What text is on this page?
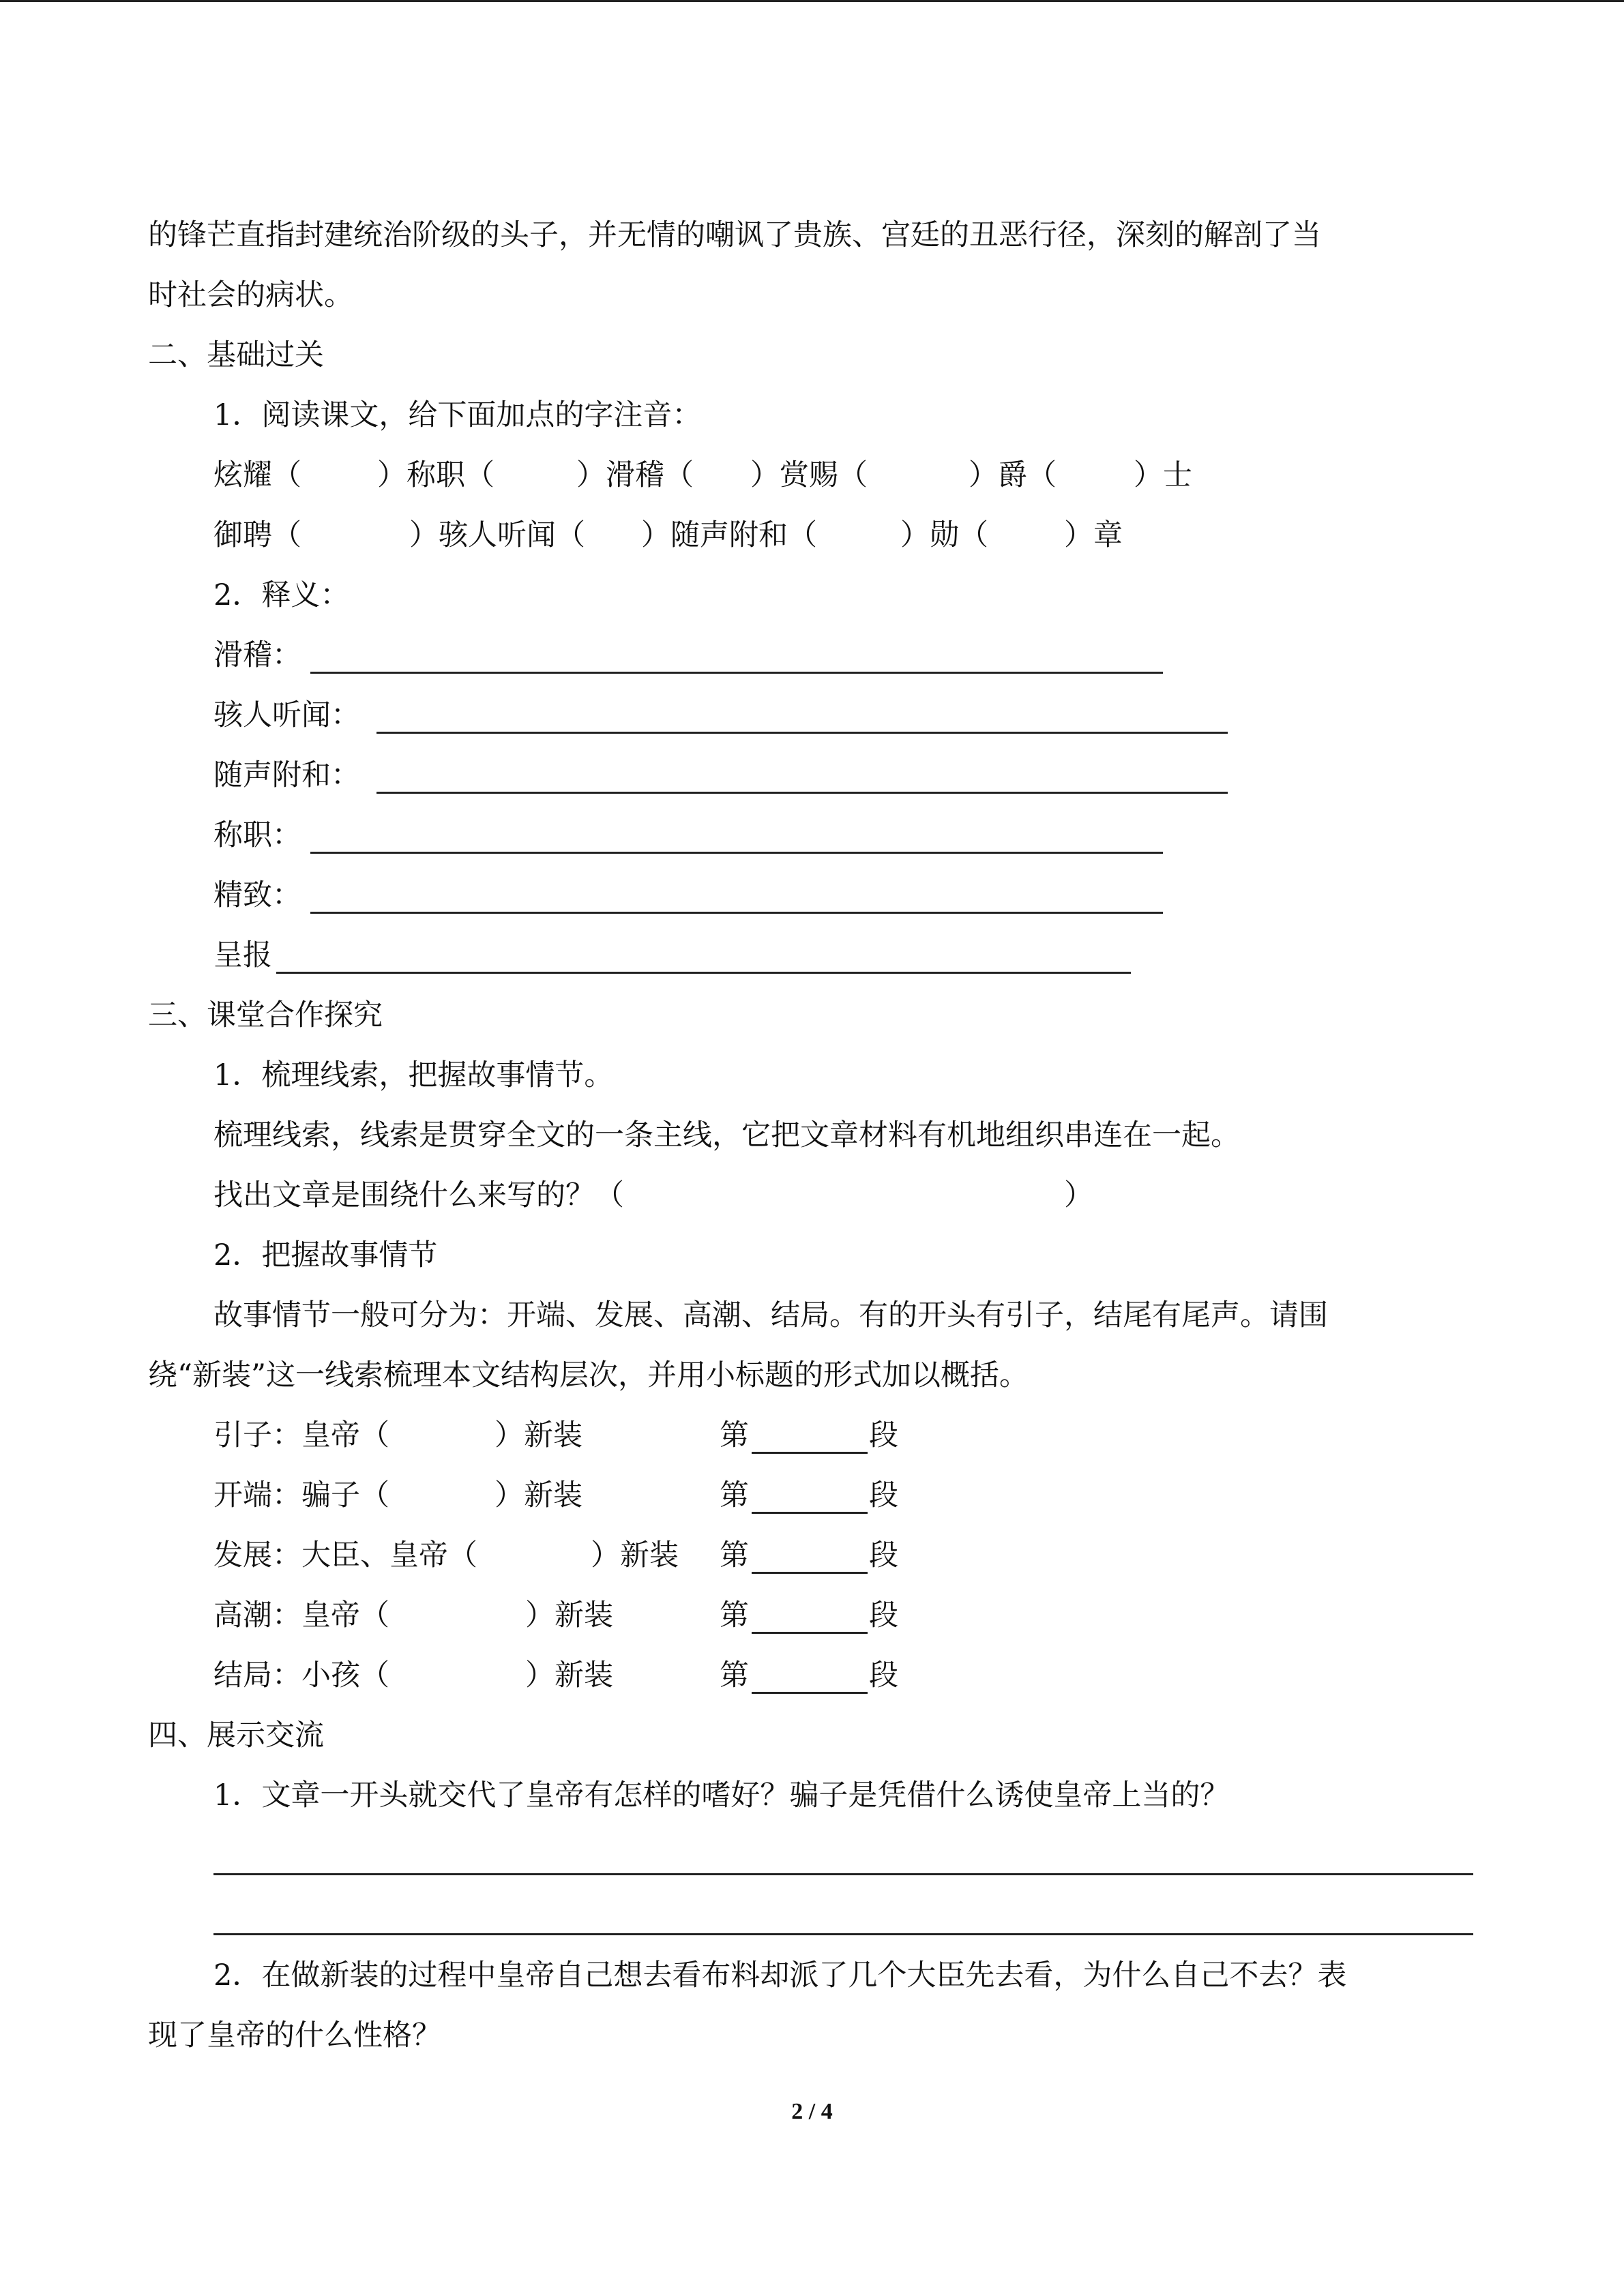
的锋芒直指封建统治阶级的头子，并无情的嘲讽了贵族、宫廷的丑恶行径，深刻的解剖了当
时社会的病状。
二、基础过关
1．阅读课文，给下面加点的字注音：
炫耀（	）称职（	）滑稽（ ）赏赐（	）爵（	）士
御聘（	）骇人听闻（ ）随声附和（	）勋（	）章
2．释义：
滑稽：
骇人听闻：
随声附和：
称职：
精致：
呈报
三、课堂合作探究
1．梳理线索，把握故事情节。
梳理线索，线索是贯穿全文的一条主线，它把文章材料有机地组织串连在一起。
找出文章是围绕什么来写的？（	）
2．把握故事情节
故事情节一般可分为：开端、发展、高潮、结局。有的开头有引子，结尾有尾声。请围
绕“新装”这一线索梳理本文结构层次，并用小标题的形式加以概括。
引子：皇帝（	）新装	第	段
开端：骗子（	）新装	第	段
发展：大臣、皇帝（	）新装 第	段
高潮：皇帝（	）新装	第	段
结局：小孩（	）新装	第	段
四、展示交流
1．文章一开头就交代了皇帝有怎样的嗜好？骗子是凭借什么诱使皇帝上当的？
2．在做新装的过程中皇帝自己想去看布料却派了几个大臣先去看，为什么自己不去？表
现了皇帝的什么性格？
2 / 4
